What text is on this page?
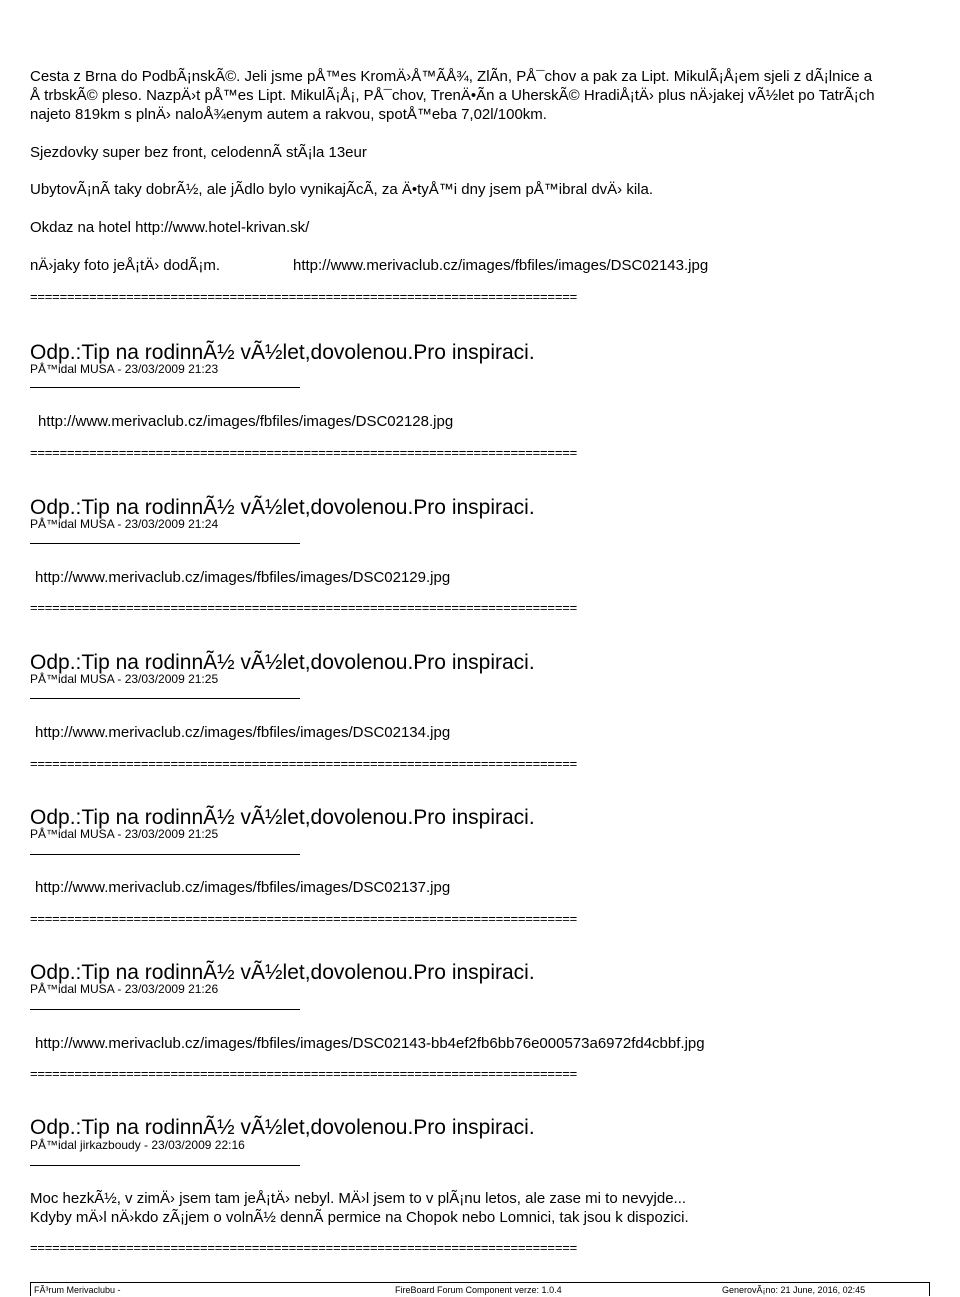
Cesta z Brna do PodbÃ¡nskÃ©. Jeli jsme pÅ™es KromÄ›Å™ÃÅ¾, ZlÃn, PÅ¯chov a pak za Lipt. MikulÃ¡Å¡em sjeli z dÃ¡lnice a
Å trbskÃ© pleso. NazpÄ›t pÅ™es Lipt. MikulÃ¡Å¡, PÅ¯chov, TrenÄ•Ãn a UherskÃ© HradiÅ¡tÄ› plus nÄ›jakej vÃ½let po TatrÃ¡ch
najeto 819km s plnÄ› naloÅ¾enym autem a rakvou, spotÅ™eba 7,02l/100km.
Sjezdovky super bez front, celodennÃ stÃ¡la 13eur
UbytovÃ¡nÃ taky dobrÃ½, ale jÃdlo bylo vynikajÃcÃ, za Ä•tyÅ™i dny jsem pÅ™ibral dvÄ› kila.
Okdaz na hotel http://www.hotel-krivan.sk/
nÄ›jaky foto jeÅ¡tÄ› dodÃ¡m.	http://www.merivaclub.cz/images/fbfiles/images/DSC02143.jpg
==========================================================================
Odp.:Tip na rodinnÃ½ vÃ½let,dovolenou.Pro inspiraci.
PÅ™idal MUSA - 23/03/2009 21:23
http://www.merivaclub.cz/images/fbfiles/images/DSC02128.jpg
==========================================================================
Odp.:Tip na rodinnÃ½ vÃ½let,dovolenou.Pro inspiraci.
PÅ™idal MUSA - 23/03/2009 21:24
http://www.merivaclub.cz/images/fbfiles/images/DSC02129.jpg
==========================================================================
Odp.:Tip na rodinnÃ½ vÃ½let,dovolenou.Pro inspiraci.
PÅ™idal MUSA - 23/03/2009 21:25
http://www.merivaclub.cz/images/fbfiles/images/DSC02134.jpg
==========================================================================
Odp.:Tip na rodinnÃ½ vÃ½let,dovolenou.Pro inspiraci.
PÅ™idal MUSA - 23/03/2009 21:25
http://www.merivaclub.cz/images/fbfiles/images/DSC02137.jpg
==========================================================================
Odp.:Tip na rodinnÃ½ vÃ½let,dovolenou.Pro inspiraci.
PÅ™idal MUSA - 23/03/2009 21:26
http://www.merivaclub.cz/images/fbfiles/images/DSC02143-bb4ef2fb6bb76e000573a6972fd4cbbf.jpg
==========================================================================
Odp.:Tip na rodinnÃ½ vÃ½let,dovolenou.Pro inspiraci.
PÅ™idal jirkazboudy - 23/03/2009 22:16
Moc hezkÃ½, v zimÄ› jsem tam jeÅ¡tÄ› nebyl. MÄ›l jsem to v plÃ¡nu letos, ale zase mi to nevyjde...
Kdyby mÄ›l nÄ›kdo zÃ¡jem o volnÃ½ dennÃ permice na Chopok nebo Lomnici, tak jsou k dispozici.
==========================================================================
FÃ³rum Merivaclubu -	FireBoard Forum Component verze: 1.0.4	GenerovÃ¡no: 21 June, 2016, 02:45
